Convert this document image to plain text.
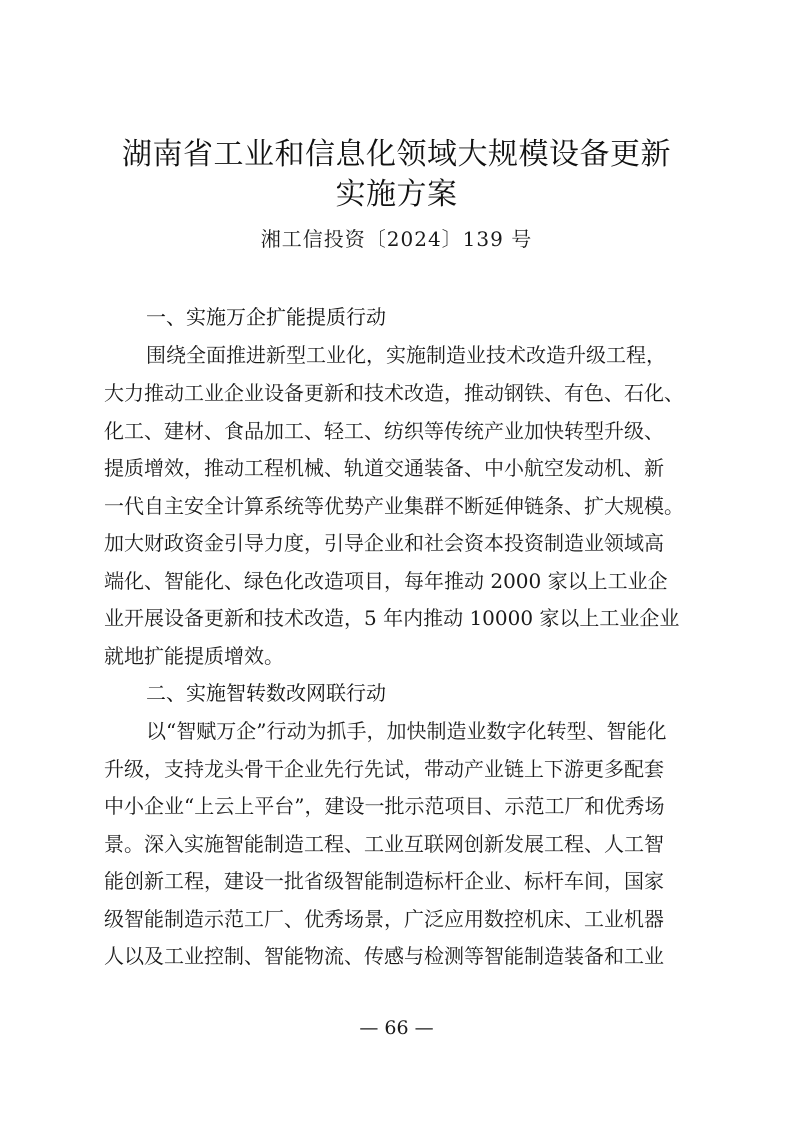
湖南省工业和信息化领域大规模设备更新
实施方案
湘工信投资〔2024〕139 号
一、实施万企扩能提质行动
围绕全面推进新型工业化，实施制造业技术改造升级工程，
大力推动工业企业设备更新和技术改造，推动钢铁、有色、石化、
化工、建材、食品加工、轻工、纺织等传统产业加快转型升级、
提质增效，推动工程机械、轨道交通装备、中小航空发动机、新
一代自主安全计算系统等优势产业集群不断延伸链条、扩大规模。
加大财政资金引导力度，引导企业和社会资本投资制造业领域高
端化、智能化、绿色化改造项目，每年推动 2000 家以上工业企
业开展设备更新和技术改造，5 年内推动 10000 家以上工业企业
就地扩能提质增效。
二、实施智转数改网联行动
以“智赋万企”行动为抓手，加快制造业数字化转型、智能化
升级，支持龙头骨干企业先行先试，带动产业链上下游更多配套
中小企业“上云上平台”，建设一批示范项目、示范工厂和优秀场
景。深入实施智能制造工程、工业互联网创新发展工程、人工智
能创新工程，建设一批省级智能制造标杆企业、标杆车间，国家
级智能制造示范工厂、优秀场景，广泛应用数控机床、工业机器
人以及工业控制、智能物流、传感与检测等智能制造装备和工业
— 66 —
